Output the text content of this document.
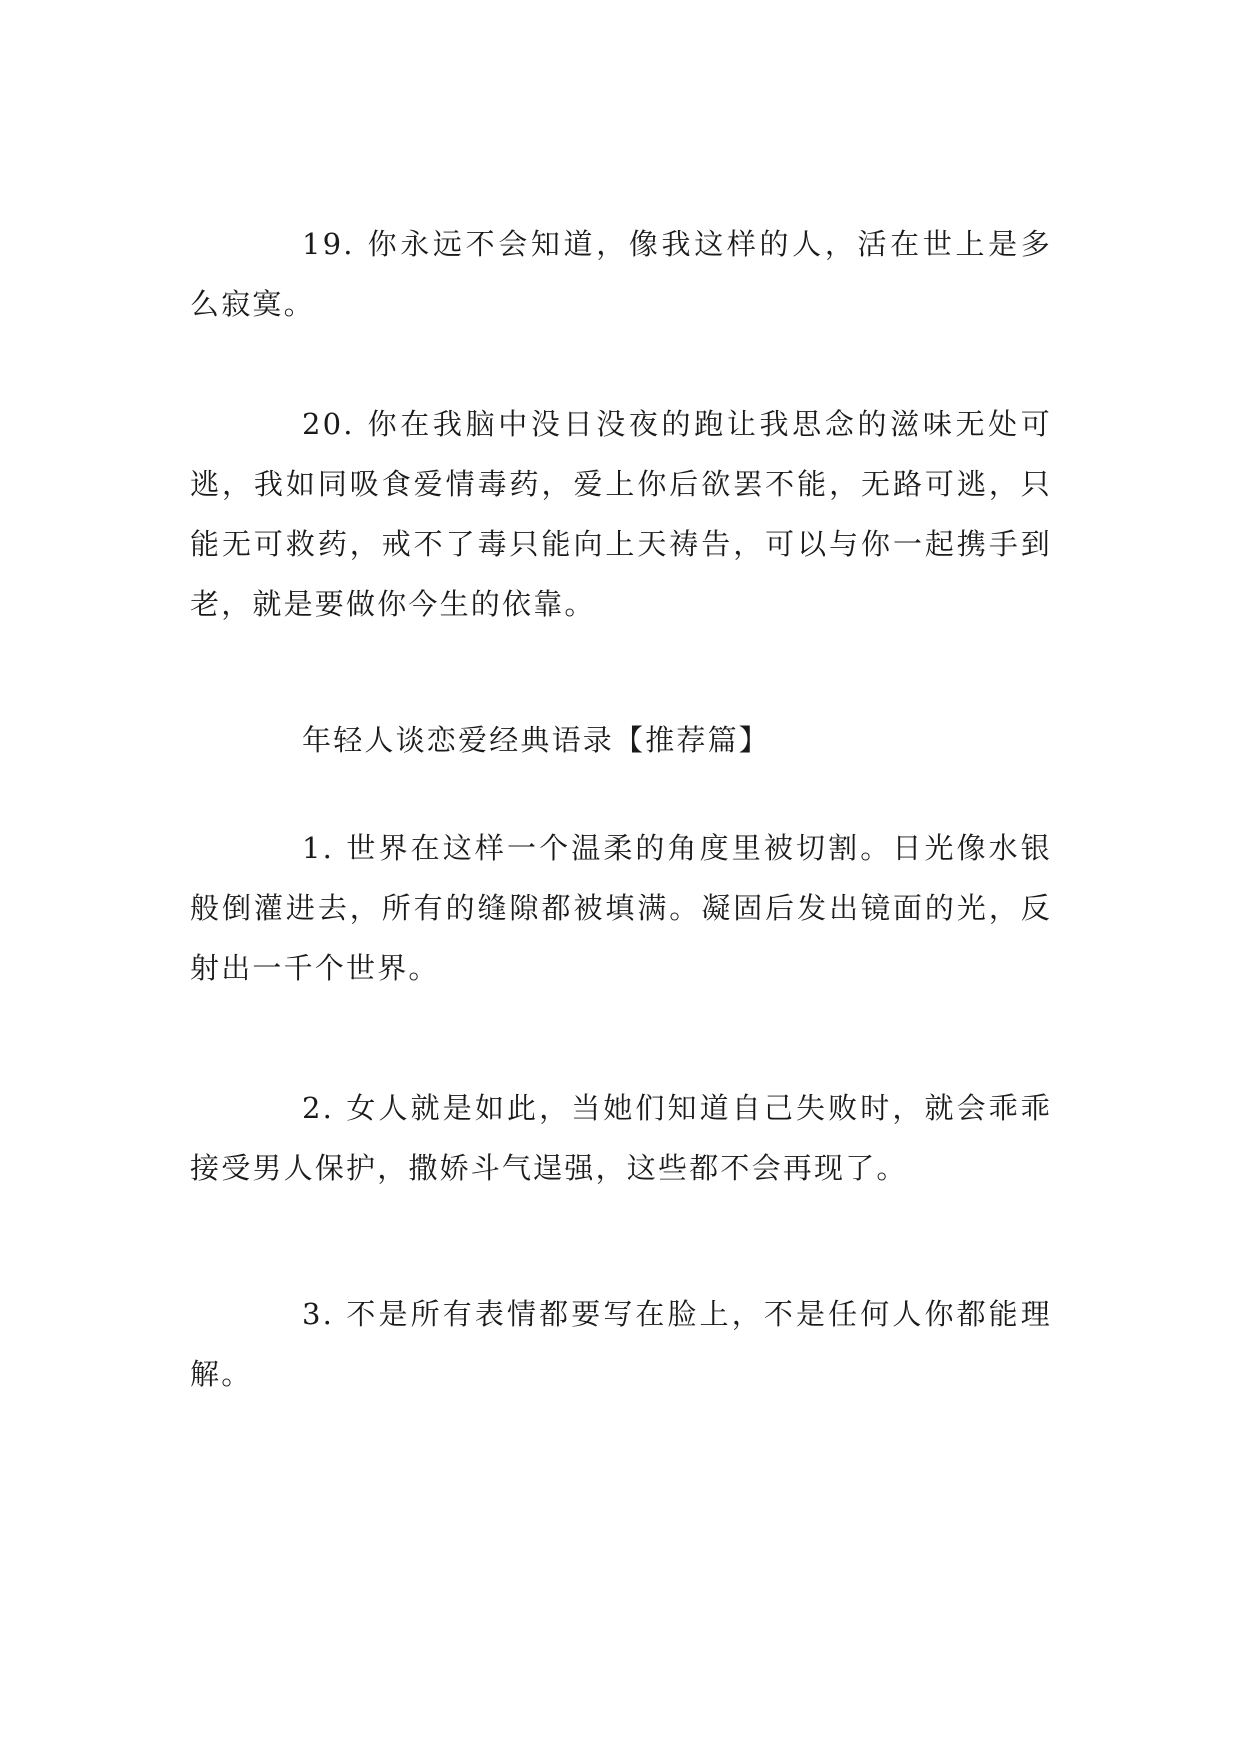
19. 你永远不会知道，像我这样的人，活在世上是多么寂寞。

20. 你在我脑中没日没夜的跑让我思念的滋味无处可逃，我如同吸食爱情毒药，爱上你后欲罢不能，无路可逃，只能无可救药，戒不了毒只能向上天祷告，可以与你一起携手到老，就是要做你今生的依靠。

年轻人谈恋爱经典语录【推荐篇】

1. 世界在这样一个温柔的角度里被切割。日光像水银般倒灌进去，所有的缝隙都被填满。凝固后发出镜面的光，反射出一千个世界。

2. 女人就是如此，当她们知道自己失败时，就会乖乖接受男人保护，撒娇斗气逞强，这些都不会再现了。

3. 不是所有表情都要写在脸上，不是任何人你都能理解。
